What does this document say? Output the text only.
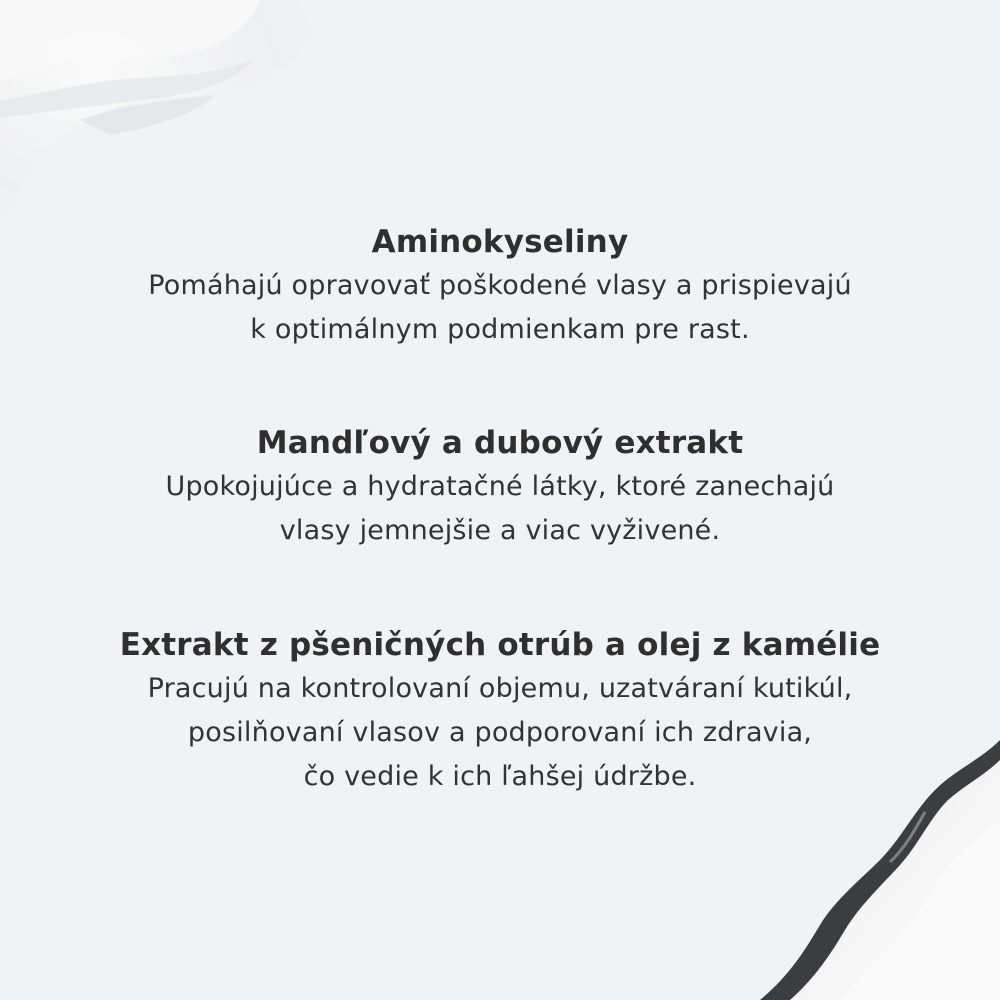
Aminokyseliny
Pomáhajú opravovať poškodené vlasy a prispievajú
k optimálnym podmienkam pre rast.
Mandľový a dubový extrakt
Upokojujúce a hydratačné látky, ktoré zanechajú
vlasy jemnejšie a viac vyživené.
Extrakt z pšeničných otrúb a olej z kamélie
Pracujú na kontrolovaní objemu, uzatváraní kutikúl,
posilňovaní vlasov a podporovaní ich zdravia,
čo vedie k ich ľahšej údržbe.
